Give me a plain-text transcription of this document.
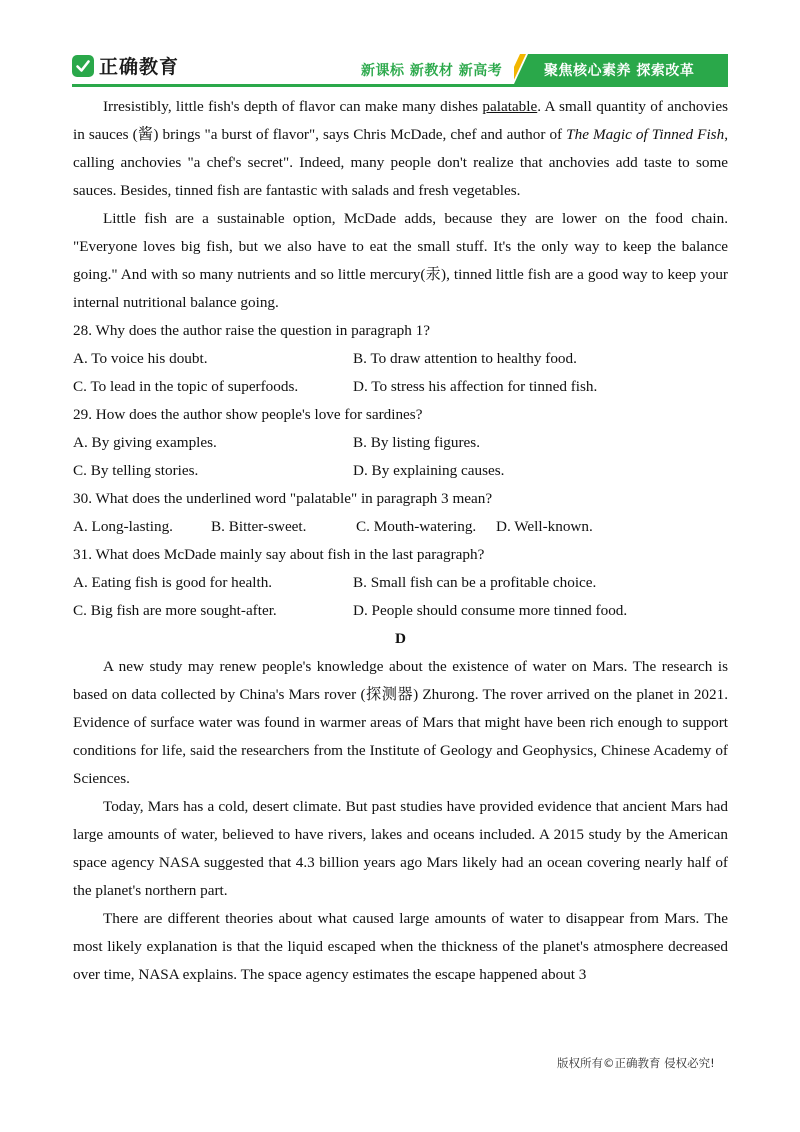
正确教育	新课标 新教材 新高考	聚焦核心素养 探索改革

Irresistibly, little fish's depth of flavor can make many dishes palatable. A small quantity of anchovies in sauces (酱) brings "a burst of flavor", says Chris McDade, chef and author of The Magic of Tinned Fish, calling anchovies "a chef's secret". Indeed, many people don't realize that anchovies add taste to some sauces. Besides, tinned fish are fantastic with salads and fresh vegetables.

Little fish are a sustainable option, McDade adds, because they are lower on the food chain. "Everyone loves big fish, but we also have to eat the small stuff. It's the only way to keep the balance going." And with so many nutrients and so little mercury(汞), tinned little fish are a good way to keep your internal nutritional balance going.

28. Why does the author raise the question in paragraph 1?

A. To voice his doubt.	B. To draw attention to healthy food.
C. To lead in the topic of superfoods.	D. To stress his affection for tinned fish.

29. How does the author show people's love for sardines?

A. By giving examples.	B. By listing figures.
C. By telling stories.	D. By explaining causes.

30. What does the underlined word "palatable" in paragraph 3 mean?

A. Long-lasting.	B. Bitter-sweet.	C. Mouth-watering.	D. Well-known.

31. What does McDade mainly say about fish in the last paragraph?

A. Eating fish is good for health.	B. Small fish can be a profitable choice.
C. Big fish are more sought-after.	D. People should consume more tinned food.

D

A new study may renew people's knowledge about the existence of water on Mars. The research is based on data collected by China's Mars rover (探测器) Zhurong. The rover arrived on the planet in 2021. Evidence of surface water was found in warmer areas of Mars that might have been rich enough to support conditions for life, said the researchers from the Institute of Geology and Geophysics, Chinese Academy of Sciences.

Today, Mars has a cold, desert climate. But past studies have provided evidence that ancient Mars had large amounts of water, believed to have rivers, lakes and oceans included. A 2015 study by the American space agency NASA suggested that 4.3 billion years ago Mars likely had an ocean covering nearly half of the planet's northern part.

There are different theories about what caused large amounts of water to disappear from Mars. The most likely explanation is that the liquid escaped when the thickness of the planet's atmosphere decreased over time, NASA explains. The space agency estimates the escape happened about 3

版权所有©正确教育 侵权必究!
